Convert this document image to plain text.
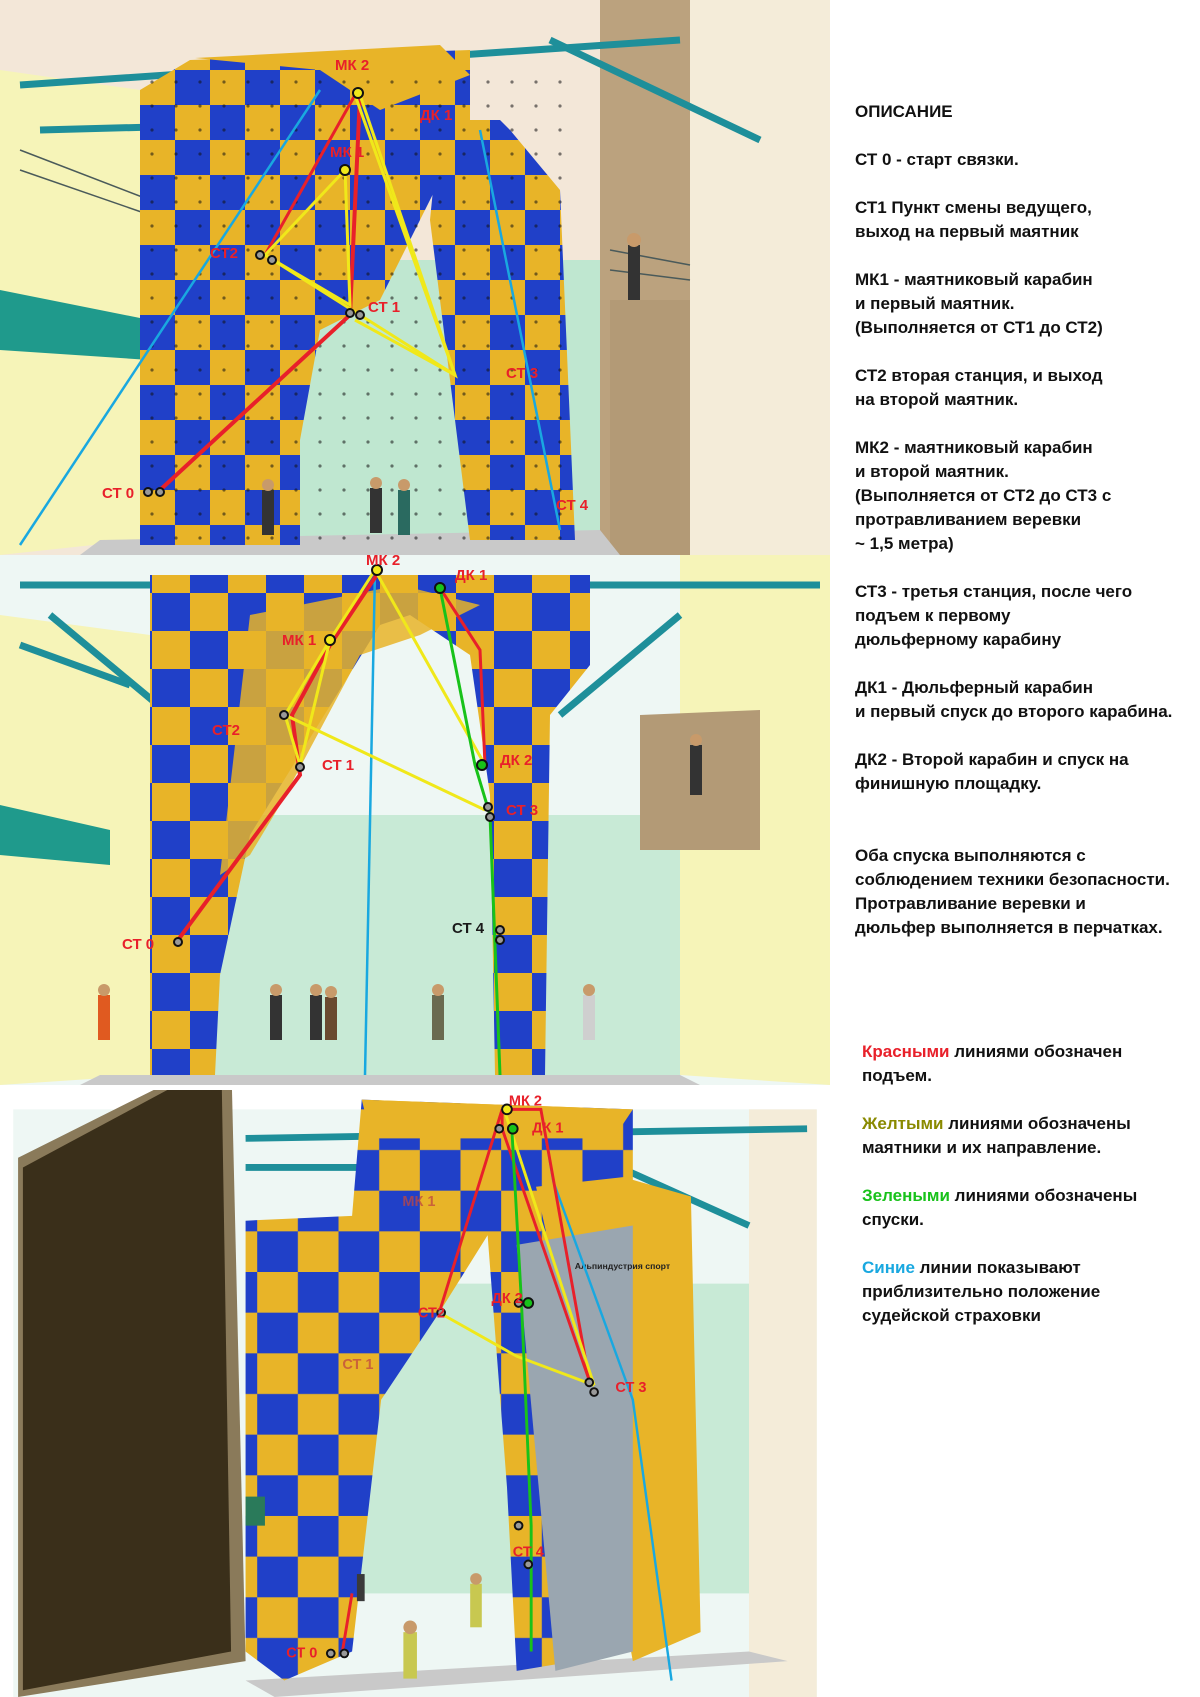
МК 2
МК 1
ДК 1
СТ2
СТ 1
СТ 3
СТ 0
СТ 4
МК 2
ДК 1
МК 1
СТ2
СТ 1	ДК 2
СТ 3
СТ 4
СТ 0
Альпиндустрия спорт
МК 2
ДК 1
МК 1
СТ2
СТ 1
ДК 2
СТ 3
СТ 4
СТ 0
ОПИСАНИЕ

СТ 0 - старт связки.

СТ1 Пункт смены ведущего,
выход на первый маятник

МК1 - маятниковый карабин
и первый маятник.
(Выполняется от СТ1 до СТ2)

СТ2 вторая станция, и выход
на второй маятник.

МК2 - маятниковый карабин
и второй маятник.
(Выполняется от СТ2 до СТ3 с
протравливанием веревки
~ 1,5 метра)

СТ3 - третья станция, после чего
подъем к первому
дюльферному карабину

ДК1 - Дюльферный карабин
и первый спуск до второго карабина.

ДК2 - Второй карабин и спуск на
финишную площадку.

Оба спуска выполняются с
соблюдением техники безопасности.
Протравливание веревки и
дюльфер выполняется в перчатках.

Красными линиями обозначен
подъем.

Желтыми линиями обозначены
маятники и их направление.

Зелеными линиями обозначены
спуски.

Синие линии показывают
приблизительно положение
судейской страховки
